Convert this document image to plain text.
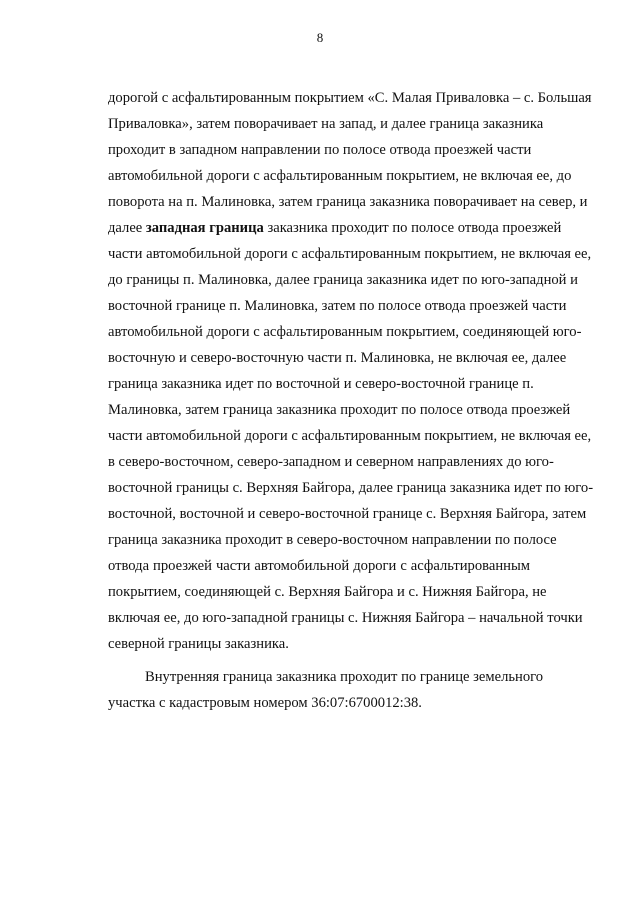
8
дорогой с асфальтированным покрытием «С. Малая Приваловка – с. Большая
Приваловка», затем поворачивает на запад, и далее граница заказника
проходит в западном направлении по полосе отвода проезжей части
автомобильной дороги с асфальтированным покрытием, не включая ее, до
поворота на п. Малиновка, затем граница заказника поворачивает на север, и
далее западная граница заказника проходит по полосе отвода проезжей
части автомобильной дороги с асфальтированным покрытием, не включая ее,
до границы п. Малиновка, далее граница заказника идет по юго-западной и
восточной границе п. Малиновка, затем по полосе отвода проезжей части
автомобильной дороги с асфальтированным покрытием, соединяющей юго-
восточную и северо-восточную части п. Малиновка, не включая ее, далее
граница заказника идет по восточной и северо-восточной границе п.
Малиновка, затем граница заказника проходит по полосе отвода проезжей
части автомобильной дороги с асфальтированным покрытием, не включая ее,
в северо-восточном, северо-западном и северном направлениях до юго-
восточной границы с. Верхняя Байгора, далее граница заказника идет по юго-
восточной, восточной и северо-восточной границе с. Верхняя Байгора, затем
граница заказника проходит в северо-восточном направлении по полосе
отвода проезжей части автомобильной дороги с асфальтированным
покрытием, соединяющей с. Верхняя Байгора и с. Нижняя Байгора, не
включая ее, до юго-западной границы с. Нижняя Байгора – начальной точки
северной границы заказника.
Внутренняя граница заказника проходит по границе земельного
участка с кадастровым номером 36:07:6700012:38.
